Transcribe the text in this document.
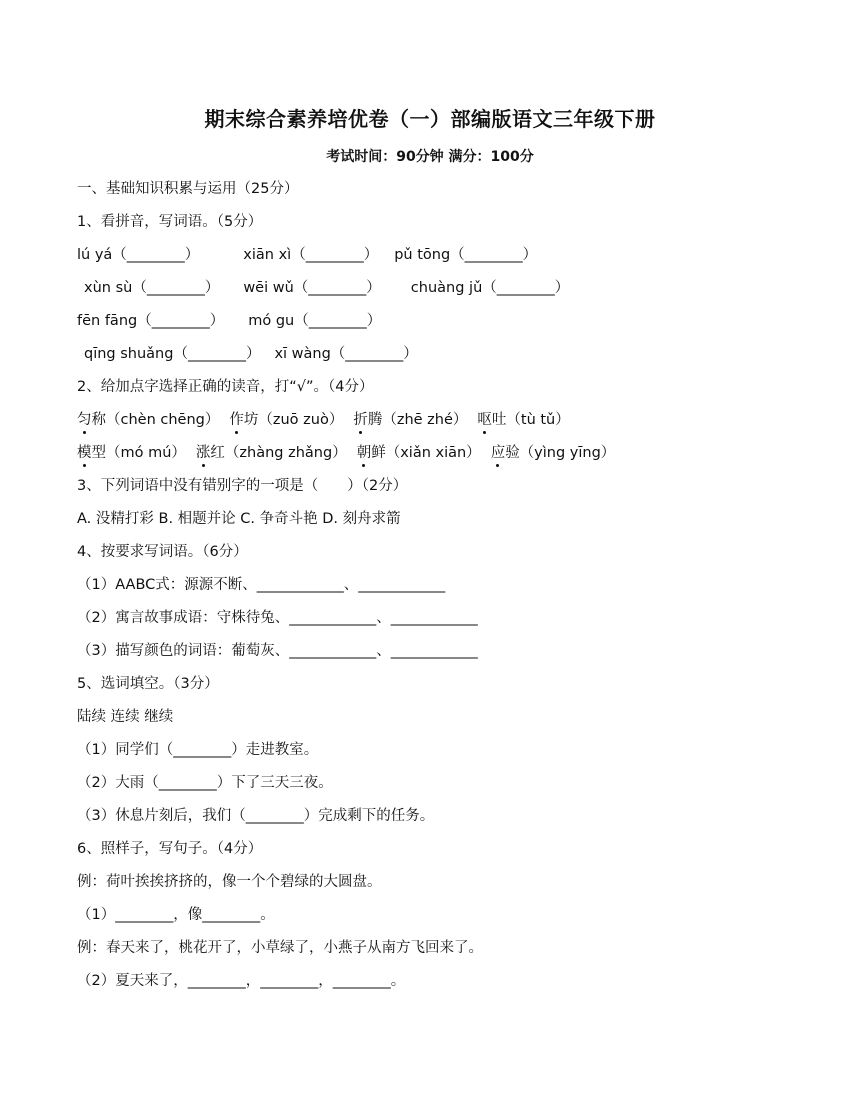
期末综合素养培优卷（一）部编版语文三年级下册
考试时间：90分钟 满分：100分
一、基础知识积累与运用（25分）
1、看拼音，写词语。（5分）
lú yá（________）	xiān xì（________） pǔ tōng（________）
xùn sù（________） wēi wǔ（________） chuàng jǔ（________）
fēn fāng（________） mó gu（________）
qīng shuǎng（________） xī wàng（________）
2、给加点字选择正确的读音，打“√”。（4分）
匀称（chèn chēng） 作坊（zuō zuò） 折腾（zhē zhé） 呕吐（tù tǔ）
模型（mó mú） 涨红（zhàng zhǎng） 朝鲜（xiǎn xiān） 应验（yìng yīng）
3、下列词语中没有错别字的一项是（　　）（2分）
A. 没精打彩 B. 相题并论 C. 争奇斗艳 D. 刻舟求箭
4、按要求写词语。（6分）
（1）AABC式：源源不断、____________、____________
（2）寓言故事成语：守株待兔、____________、____________
（3）描写颜色的词语：葡萄灰、____________、____________
5、选词填空。（3分）
陆续 连续 继续
（1）同学们（________）走进教室。
（2）大雨（________）下了三天三夜。
（3）休息片刻后，我们（________）完成剩下的任务。
6、照样子，写句子。（4分）
例：荷叶挨挨挤挤的，像一个个碧绿的大圆盘。
（1）________，像________。
例：春天来了，桃花开了，小草绿了，小燕子从南方飞回来了。
（2）夏天来了，________，________，________。
